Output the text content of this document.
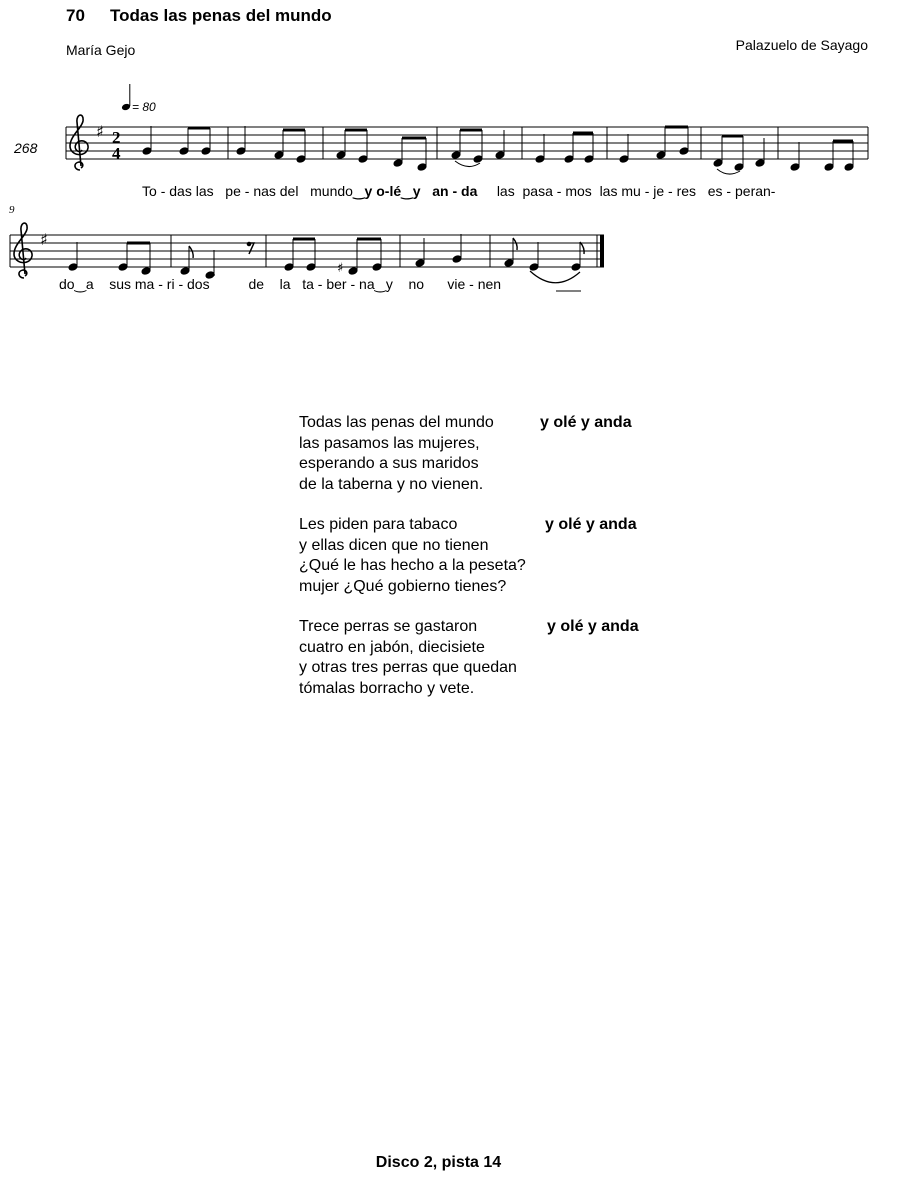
70 Todas las penas del mundo
María Gejo	Palazuelo de Sayago
268
9
= 80
♯ 2
4
♯
♯
To - das las pe - nas del mundo‿y o-lé‿y an - da las pasa - mos las mu - je - res es - peran-
do‿a sus ma - ri - dos	de la ta - ber - na‿y no vie - nen
Todas las penas del mundo	y olé y anda
las pasamos las mujeres,
esperando a sus maridos
de la taberna y no vienen.
Les piden para tabaco	y olé y anda
y ellas dicen que no tienen
¿Qué le has hecho a la peseta?
mujer ¿Qué gobierno tienes?
Trece perras se gastaron	y olé y anda
cuatro en jabón, diecisiete
y otras tres perras que quedan
tómalas borracho y vete.
Disco 2, pista 14
